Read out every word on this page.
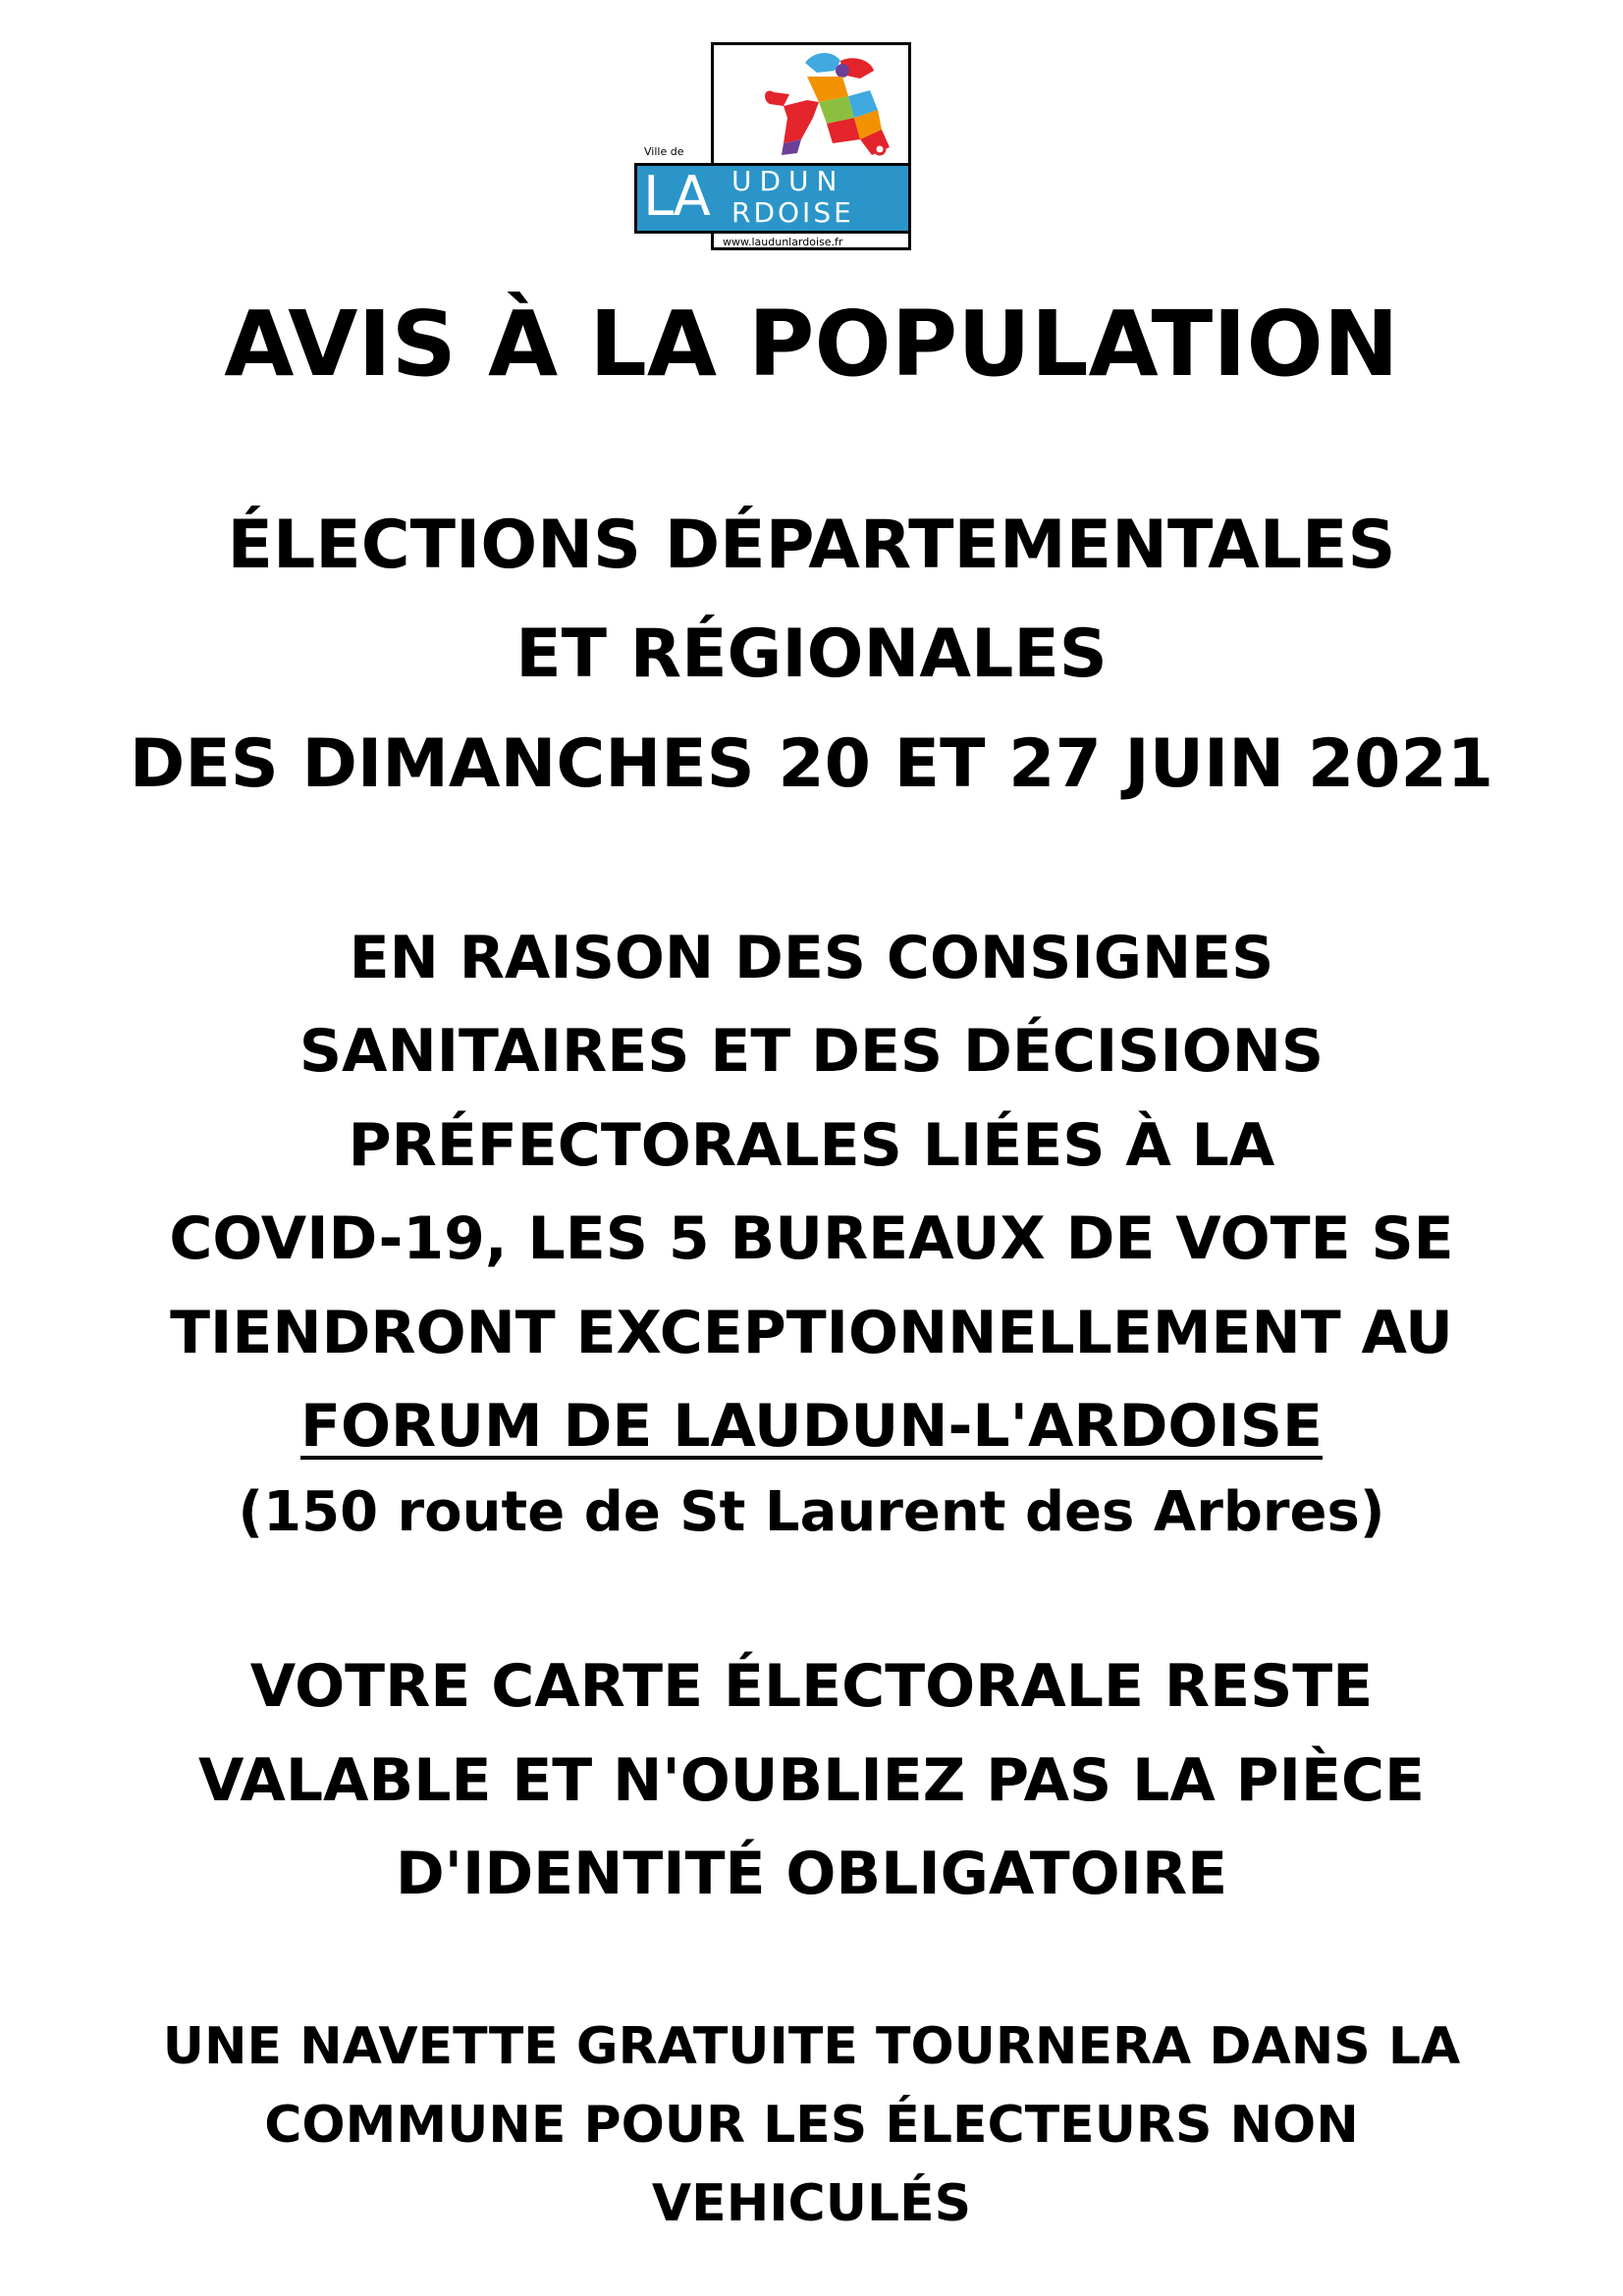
Ville de
LA UDUN
RDOISE
www.laudunlardoise.fr
AVIS À LA POPULATION
ÉLECTIONS DÉPARTEMENTALES
ET RÉGIONALES
DES DIMANCHES 20 ET 27 JUIN 2021
EN RAISON DES CONSIGNES
SANITAIRES ET DES DÉCISIONS
PRÉFECTORALES LIÉES À LA
COVID-19, LES 5 BUREAUX DE VOTE SE
TIENDRONT EXCEPTIONNELLEMENT AU
FORUM DE LAUDUN-L'ARDOISE
(150 route de St Laurent des Arbres)
VOTRE CARTE ÉLECTORALE RESTE
VALABLE ET N'OUBLIEZ PAS LA PIÈCE
D'IDENTITÉ OBLIGATOIRE
UNE NAVETTE GRATUITE TOURNERA DANS LA
COMMUNE POUR LES ÉLECTEURS NON
VEHICULÉS
